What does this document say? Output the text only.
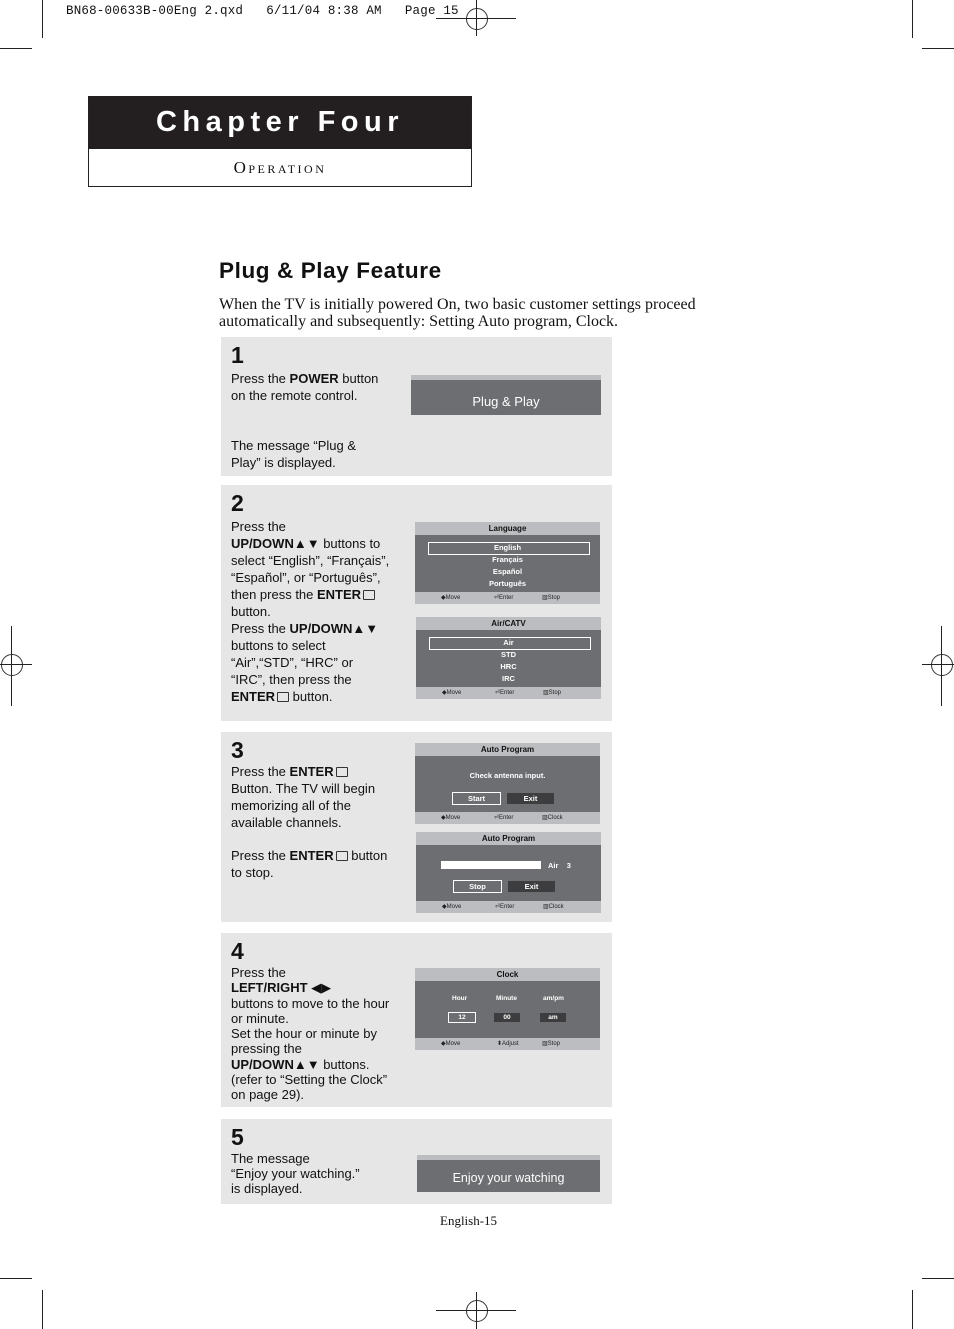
BN68-00633B-00Eng 2.qxd   6/11/04 8:38 AM   Page 15
Chapter Four
Operation
Plug & Play Feature
When the TV is initially powered On, two basic customer settings proceed automatically and subsequently: Setting Auto program, Clock.
1
Press the POWER button on the remote control.
The message “Plug & Play” is displayed.
Plug & Play
2
Press the
UP/DOWN▲▼ buttons to select “English”, “Français”, “Español”, or “Português”, then press the ENTER button.
Press the UP/DOWN▲▼ buttons to select “Air”,“STD”, “HRC” or “IRC”, then press the ENTER button.
Language
English
Français
Español
Português
◆ Move	⏎ Enter	▥ Stop
Air/CATV
Air
STD
HRC
IRC
◆ Move	⏎ Enter	▥ Stop
3
Press the ENTER Button. The TV will begin memorizing all of the available channels.
Press the ENTER button to stop.
Auto Program
Check antenna input.
Start	Exit
◆ Move	⏎ Enter	▥ Clock
Auto Program
Air 3
Stop	Exit
◆ Move	⏎ Enter	▥ Clock
4
Press the
LEFT/RIGHT ◀▶
buttons to move to the hour or minute.
Set the hour or minute by pressing the
UP/DOWN▲▼ buttons.
(refer to “Setting the Clock” on page 29).
Clock
Hour	Minute	am/pm
12	00	am
◆ Move	⬍ Adjust	▥ Stop
5
The message
“Enjoy your watching.”
is displayed.
Enjoy your watching
English-15
